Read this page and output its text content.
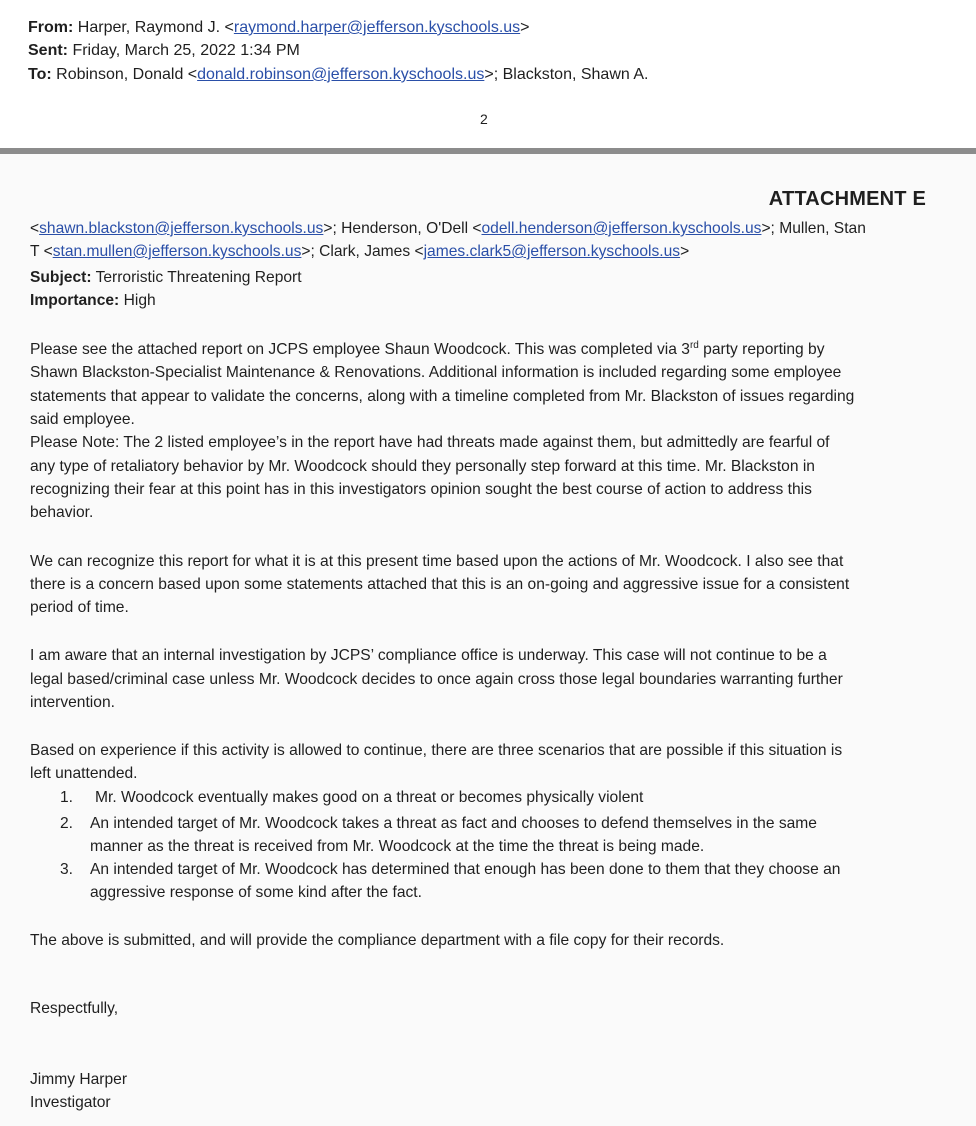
From: Harper, Raymond J. <raymond.harper@jefferson.kyschools.us>
Sent: Friday, March 25, 2022 1:34 PM
To: Robinson, Donald <donald.robinson@jefferson.kyschools.us>; Blackston, Shawn A.
2
ATTACHMENT E
<shawn.blackston@jefferson.kyschools.us>; Henderson, O'Dell <odell.henderson@jefferson.kyschools.us>; Mullen, Stan
T <stan.mullen@jefferson.kyschools.us>; Clark, James <james.clark5@jefferson.kyschools.us>
Subject: Terroristic Threatening Report
Importance: High
Please see the attached report on JCPS employee Shaun Woodcock. This was completed via 3rd party reporting by
Shawn Blackston-Specialist Maintenance & Renovations. Additional information is included regarding some employee
statements that appear to validate the concerns, along with a timeline completed from Mr. Blackston of issues regarding
said employee.
Please Note: The 2 listed employee’s in the report have had threats made against them, but admittedly are fearful of
any type of retaliatory behavior by Mr. Woodcock should they personally step forward at this time. Mr. Blackston in
recognizing their fear at this point has in this investigators opinion sought the best course of action to address this
behavior.
We can recognize this report for what it is at this present time based upon the actions of Mr. Woodcock. I also see that
there is a concern based upon some statements attached that this is an on-going and aggressive issue for a consistent
period of time.
I am aware that an internal investigation by JCPS’ compliance office is underway. This case will not continue to be a
legal based/criminal case unless Mr. Woodcock decides to once again cross those legal boundaries warranting further
intervention.
Based on experience if this activity is allowed to continue, there are three scenarios that are possible if this situation is
left unattended.
1. Mr. Woodcock eventually makes good on a threat or becomes physically violent
2. An intended target of Mr. Woodcock takes a threat as fact and chooses to defend themselves in the same
manner as the threat is received from Mr. Woodcock at the time the threat is being made.
3. An intended target of Mr. Woodcock has determined that enough has been done to them that they choose an
aggressive response of some kind after the fact.
The above is submitted, and will provide the compliance department with a file copy for their records.
Respectfully,
Jimmy Harper
Investigator
